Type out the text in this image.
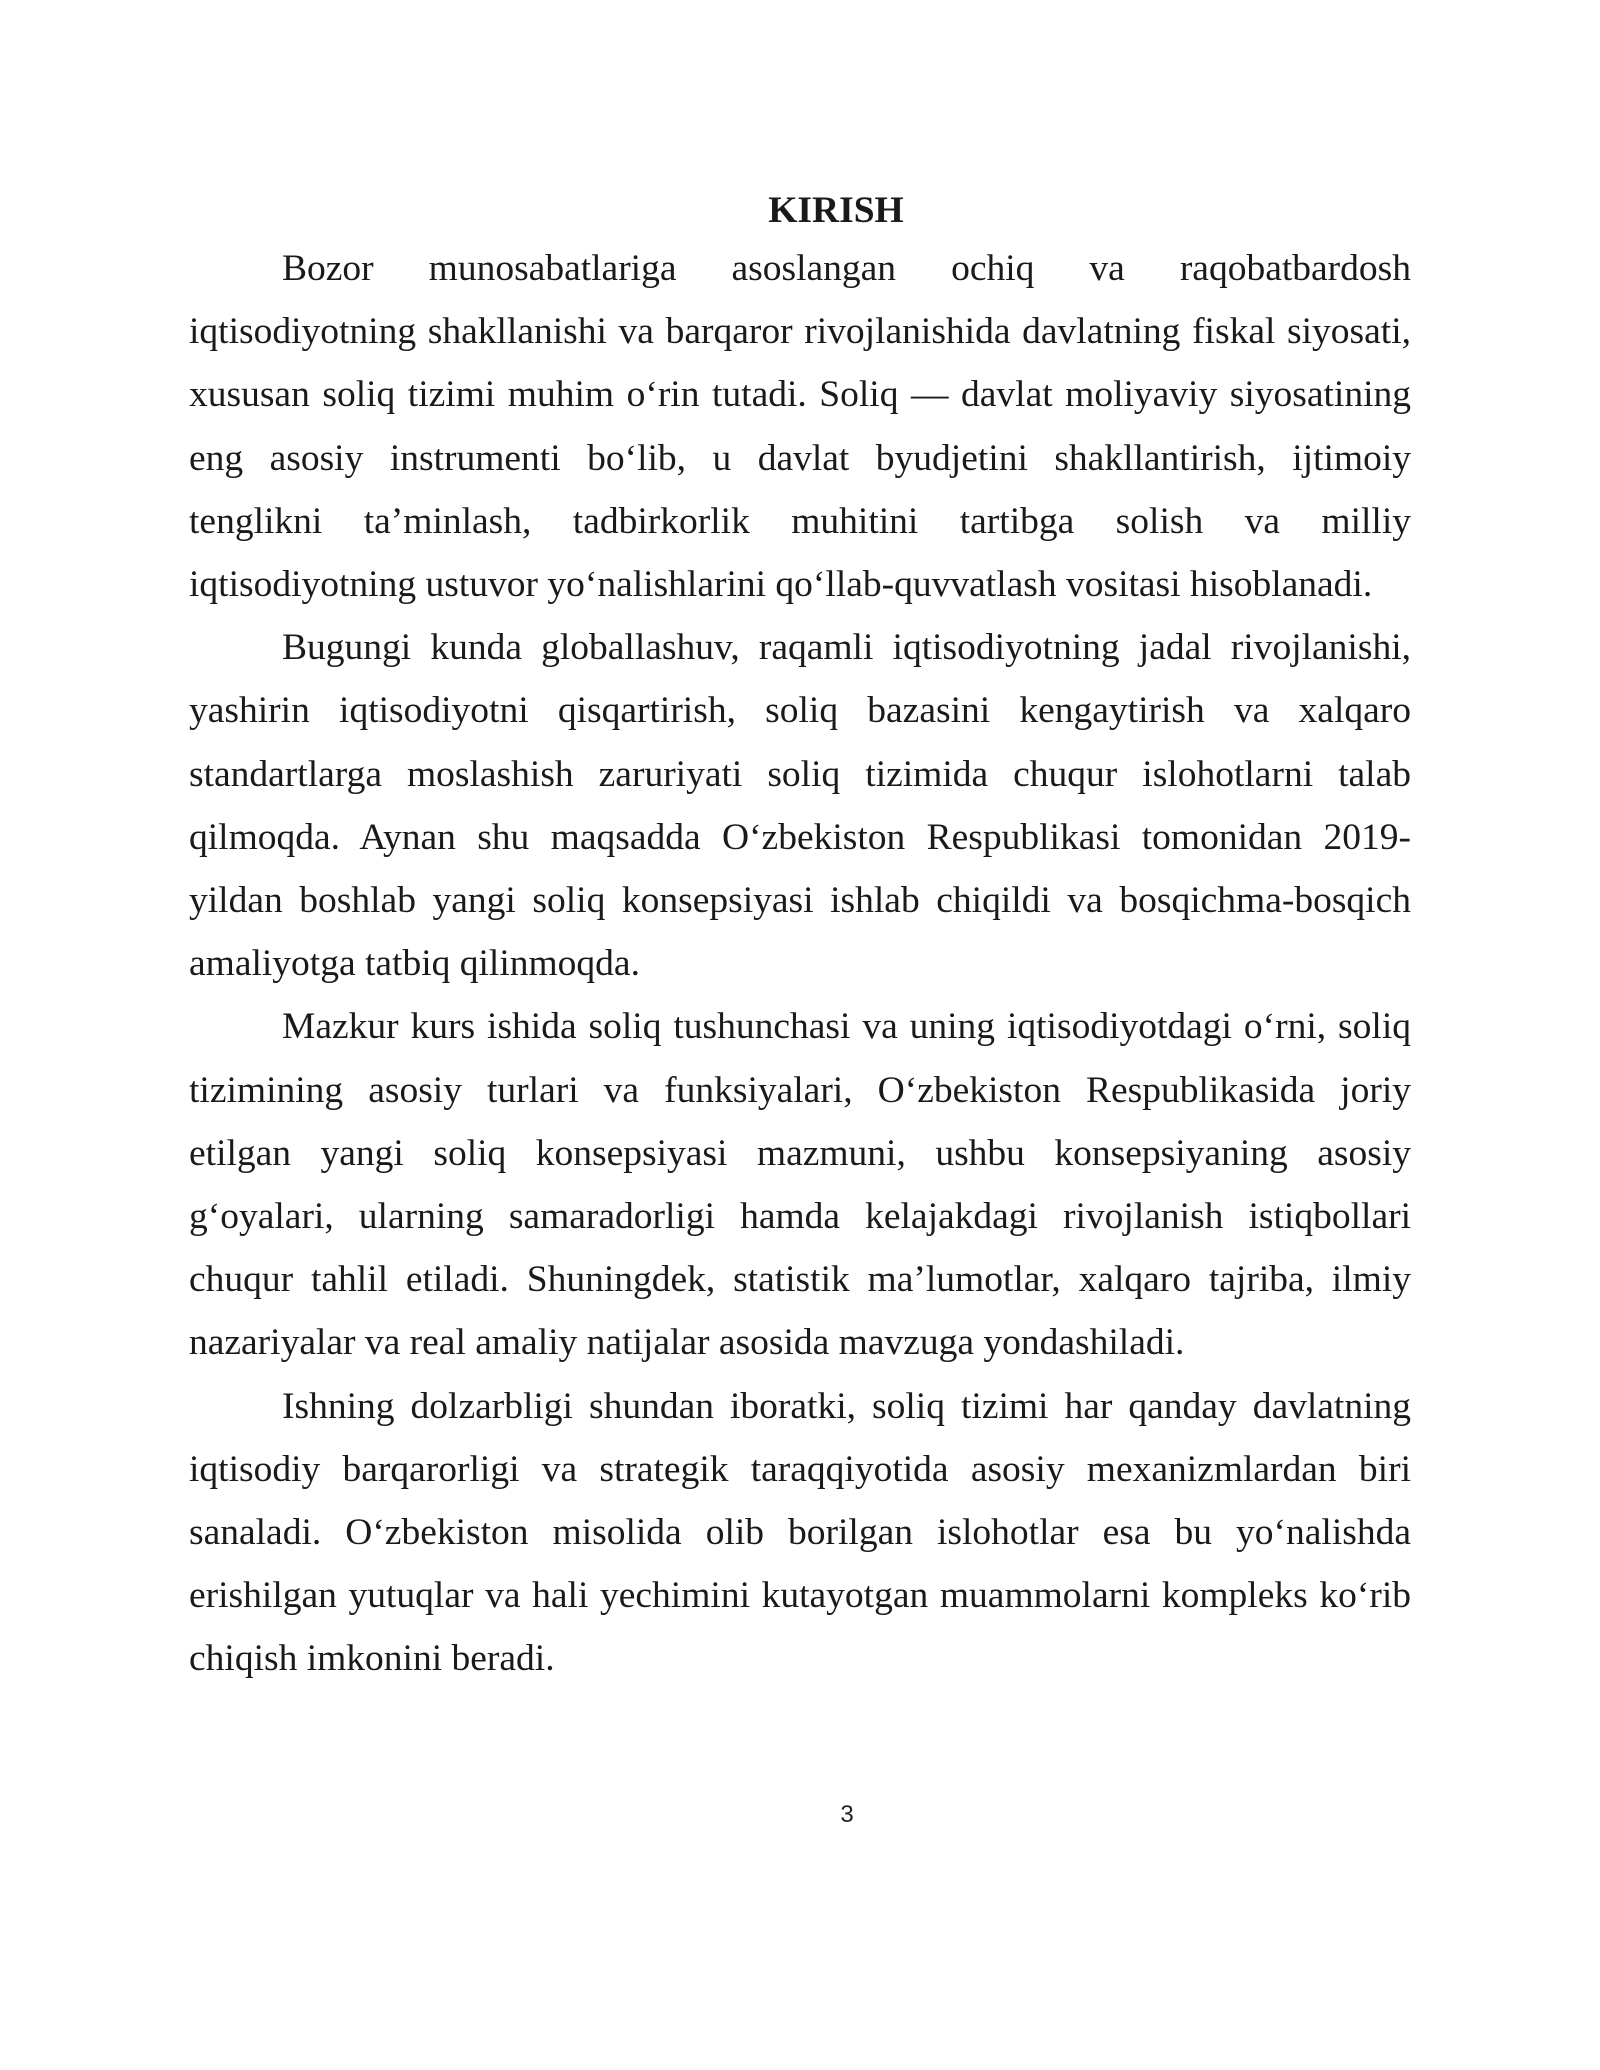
KIRISH

Bozor munosabatlariga asoslangan ochiq va raqobatbardosh iqtisodiyotning shakllanishi va barqaror rivojlanishida davlatning fiskal siyosati, xususan soliq tizimi muhim o‘rin tutadi. Soliq — davlat moliyaviy siyosatining eng asosiy instrumenti bo‘lib, u davlat byudjetini shakllantirish, ijtimoiy tenglikni ta’minlash, tadbirkorlik muhitini tartibga solish va milliy iqtisodiyotning ustuvor yo‘nalishlarini qo‘llab-quvvatlash vositasi hisoblanadi.

Bugungi kunda globallashuv, raqamli iqtisodiyotning jadal rivojlanishi, yashirin iqtisodiyotni qisqartirish, soliq bazasini kengaytirish va xalqaro standartlarga moslashish zaruriyati soliq tizimida chuqur islohotlarni talab qilmoqda. Aynan shu maqsadda O‘zbekiston Respublikasi tomonidan 2019-yildan boshlab yangi soliq konsepsiyasi ishlab chiqildi va bosqichma-bosqich amaliyotga tatbiq qilinmoqda.

Mazkur kurs ishida soliq tushunchasi va uning iqtisodiyotdagi o‘rni, soliq tizimining asosiy turlari va funksiyalari, O‘zbekiston Respublikasida joriy etilgan yangi soliq konsepsiyasi mazmuni, ushbu konsepsiyaning asosiy g‘oyalari, ularning samaradorligi hamda kelajakdagi rivojlanish istiqbollari chuqur tahlil etiladi. Shuningdek, statistik ma’lumotlar, xalqaro tajriba, ilmiy nazariyalar va real amaliy natijalar asosida mavzuga yondashiladi.

Ishning dolzarbligi shundan iboratki, soliq tizimi har qanday davlatning iqtisodiy barqarorligi va strategik taraqqiyotida asosiy mexanizmlardan biri sanaladi. O‘zbekiston misolida olib borilgan islohotlar esa bu yo‘nalishda erishilgan yutuqlar va hali yechimini kutayotgan muammolarni kompleks ko‘rib chiqish imkonini beradi.

3
